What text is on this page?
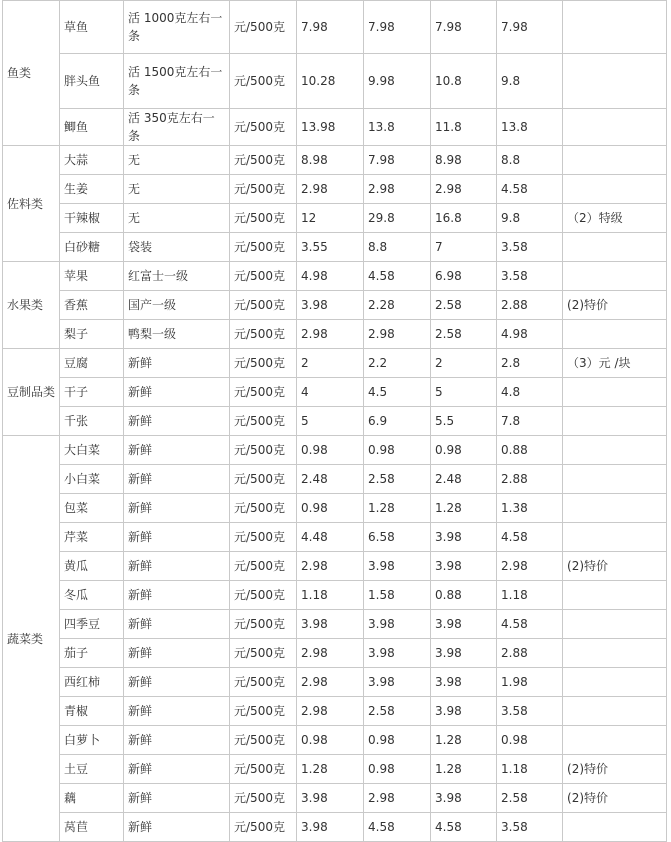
鱼类	草鱼	活 1000克左右一条	元/500克	7.98	7.98	7.98	7.98	
	胖头鱼	活 1500克左右一条	元/500克	10.28	9.98	10.8	9.8	
	鲫鱼	活 350克左右一条	元/500克	13.98	13.8	11.8	13.8	
佐料类	大蒜	无	元/500克	8.98	7.98	8.98	8.8	
	生姜	无	元/500克	2.98	2.98	2.98	4.58	
	干辣椒	无	元/500克	12	29.8	16.8	9.8	（2）特级
	白砂糖	袋装	元/500克	3.55	8.8	7	3.58	
水果类	苹果	红富士一级	元/500克	4.98	4.58	6.98	3.58	
	香蕉	国产一级	元/500克	3.98	2.28	2.58	2.88	(2)特价
	梨子	鸭梨一级	元/500克	2.98	2.98	2.58	4.98	
豆制品类	豆腐	新鲜	元/500克	2	2.2	2	2.8	（3）元 /块
	干子	新鲜	元/500克	4	4.5	5	4.8	
	千张	新鲜	元/500克	5	6.9	5.5	7.8	
蔬菜类	大白菜	新鲜	元/500克	0.98	0.98	0.98	0.88	
	小白菜	新鲜	元/500克	2.48	2.58	2.48	2.88	
	包菜	新鲜	元/500克	0.98	1.28	1.28	1.38	
	芹菜	新鲜	元/500克	4.48	6.58	3.98	4.58	
	黄瓜	新鲜	元/500克	2.98	3.98	3.98	2.98	(2)特价
	冬瓜	新鲜	元/500克	1.18	1.58	0.88	1.18	
	四季豆	新鲜	元/500克	3.98	3.98	3.98	4.58	
	茄子	新鲜	元/500克	2.98	3.98	3.98	2.88	
	西红柿	新鲜	元/500克	2.98	3.98	3.98	1.98	
	青椒	新鲜	元/500克	2.98	2.58	3.98	3.58	
	白萝卜	新鲜	元/500克	0.98	0.98	1.28	0.98	
	土豆	新鲜	元/500克	1.28	0.98	1.28	1.18	(2)特价
	藕	新鲜	元/500克	3.98	2.98	3.98	2.58	(2)特价
	莴苣	新鲜	元/500克	3.98	4.58	4.58	3.58	
